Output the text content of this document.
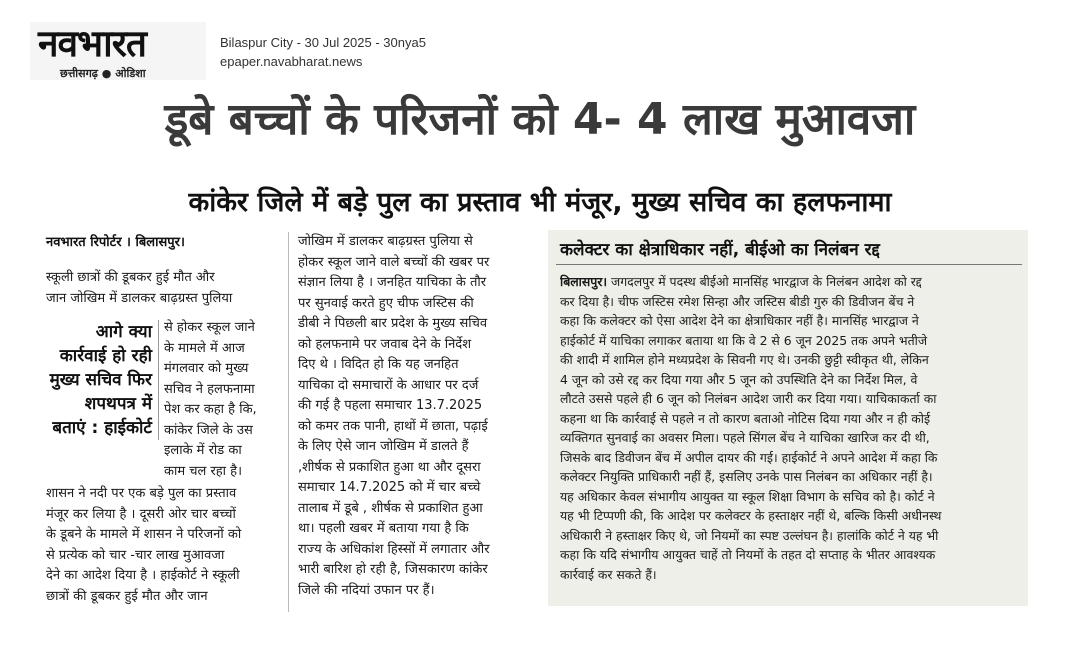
नवभारत
छत्तीसगढ़ ● ओडिशा
Bilaspur City - 30 Jul 2025 - 30nya5
epaper.navabharat.news
डूबे बच्चों के परिजनों को 4- 4 लाख मुआवजा
कांकेर जिले में बड़े पुल का प्रस्ताव भी मंजूर, मुख्य सचिव का हलफनामा
नवभारत रिपोर्टर । बिलासपुर।
स्कूली छात्रों की डूबकर हुई मौत और
जान जोखिम में डालकर बाढ़ग्रस्त पुलिया
आगे क्या कार्रवाई हो रही मुख्य सचिव फिर शपथपत्र में बताएं : हाईकोर्ट
से होकर स्कूल जाने
के मामले में आज
मंगलवार को मुख्य
सचिव ने हलफनामा
पेश कर कहा है कि,
कांकेर जिले के उस
इलाके में रोड का
काम चल रहा है।
शासन ने नदी पर एक बड़े पुल का प्रस्ताव
मंजूर कर लिया है । दूसरी ओर चार बच्चों
के डूबने के मामले में शासन ने परिजनों को
से प्रत्येक को चार -चार लाख मुआवजा
देने का आदेश दिया है । हाईकोर्ट ने स्कूली
छात्रों की डूबकर हुई मौत और जान
जोखिम में डालकर बाढ़ग्रस्त पुलिया से
होकर स्कूल जाने वाले बच्चों की खबर पर
संज्ञान लिया है । जनहित याचिका के तौर
पर सुनवाई करते हुए चीफ जस्टिस की
डीबी ने पिछली बार प्रदेश के मुख्य सचिव
को हलफनामे पर जवाब देने के निर्देश
दिए थे । विदित हो कि यह जनहित
याचिका दो समाचारों के आधार पर दर्ज
की गई है पहला समाचार 13.7.2025
को कमर तक पानी, हाथों में छाता, पढ़ाई
के लिए ऐसे जान जोखिम में डालते हैं
,शीर्षक से प्रकाशित हुआ था और दूसरा
समाचार 14.7.2025 को में चार बच्चे
तालाब में डूबे , शीर्षक से प्रकाशित हुआ
था। पहली खबर में बताया गया है कि
राज्य के अधिकांश हिस्सों में लगातार और
भारी बारिश हो रही है, जिसकारण कांकेर
जिले की नदियां उफान पर हैं।
कलेक्टर का क्षेत्राधिकार नहीं, बीईओ का निलंबन रद्द
बिलासपुर। जगदलपुर में पदस्थ बीईओ मानसिंह भारद्वाज के निलंबन आदेश को रद्द
कर दिया है। चीफ जस्टिस रमेश सिन्हा और जस्टिस बीडी गुरु की डिवीजन बेंच ने
कहा कि कलेक्टर को ऐसा आदेश देने का क्षेत्राधिकार नहीं है। मानसिंह भारद्वाज ने
हाईकोर्ट में याचिका लगाकर बताया था कि वे 2 से 6 जून 2025 तक अपने भतीजे
की शादी में शामिल होने मध्यप्रदेश के सिवनी गए थे। उनकी छुट्टी स्वीकृत थी, लेकिन
4 जून को उसे रद्द कर दिया गया और 5 जून को उपस्थिति देने का निर्देश मिल, वे
लौटते उससे पहले ही 6 जून को निलंबन आदेश जारी कर दिया गया। याचिकाकर्ता का
कहना था कि कार्रवाई से पहले न तो कारण बताओ नोटिस दिया गया और न ही कोई
व्यक्तिगत सुनवाई का अवसर मिला। पहले सिंगल बेंच ने याचिका खारिज कर दी थी,
जिसके बाद डिवीजन बेंच में अपील दायर की गई। हाईकोर्ट ने अपने आदेश में कहा कि
कलेक्टर नियुक्ति प्राधिकारी नहीं हैं, इसलिए उनके पास निलंबन का अधिकार नहीं है।
यह अधिकार केवल संभागीय आयुक्त या स्कूल शिक्षा विभाग के सचिव को है। कोर्ट ने
यह भी टिप्पणी की, कि आदेश पर कलेक्टर के हस्ताक्षर नहीं थे, बल्कि किसी अधीनस्थ
अधिकारी ने हस्ताक्षर किए थे, जो नियमों का स्पष्ट उल्लंघन है। हालांकि कोर्ट ने यह भी
कहा कि यदि संभागीय आयुक्त चाहें तो नियमों के तहत दो सप्ताह के भीतर आवश्यक
कार्रवाई कर सकते हैं।
